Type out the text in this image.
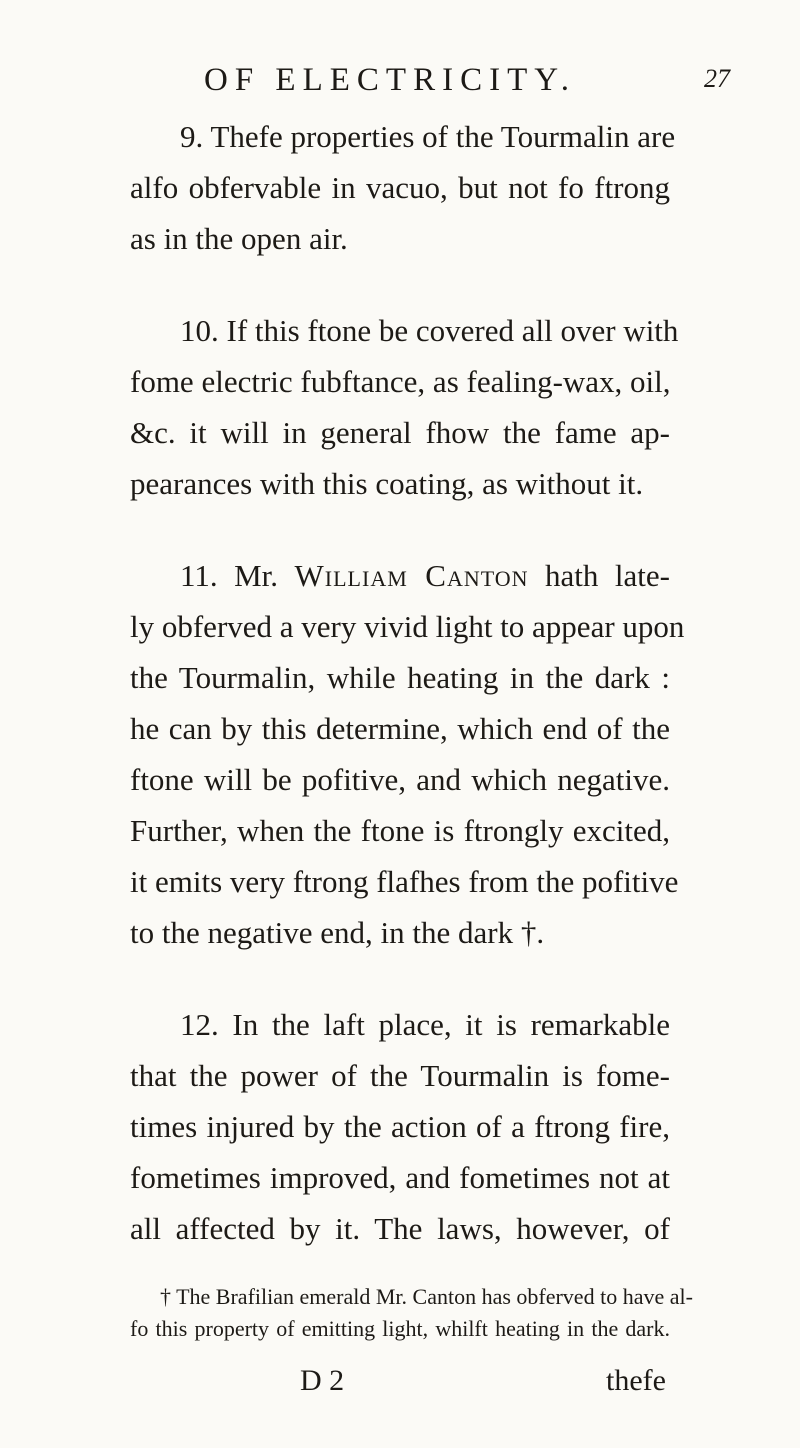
OF ELECTRICITY.	27
9. Thefe properties of the Tourmalin are
alfo obfervable in vacuo, but not fo ftrong
as in the open air.
10. If this ftone be covered all over with
fome electric fubftance, as fealing-wax, oil,
&c. it will in general fhow the fame ap-
pearances with this coating, as without it.
11. Mr. William Canton hath late-
ly obferved a very vivid light to appear upon
the Tourmalin, while heating in the dark :
he can by this determine, which end of the
ftone will be pofitive, and which negative.
Further, when the ftone is ftrongly excited,
it emits very ftrong flafhes from the pofitive
to the negative end, in the dark †.
12. In the laft place, it is remarkable
that the power of the Tourmalin is fome-
times injured by the action of a ftrong fire,
fometimes improved, and fometimes not at
all affected by it. The laws, however, of
† The Brafilian emerald Mr. Canton has obferved to have al-
fo this property of emitting light, whilft heating in the dark.
D 2	thefe
